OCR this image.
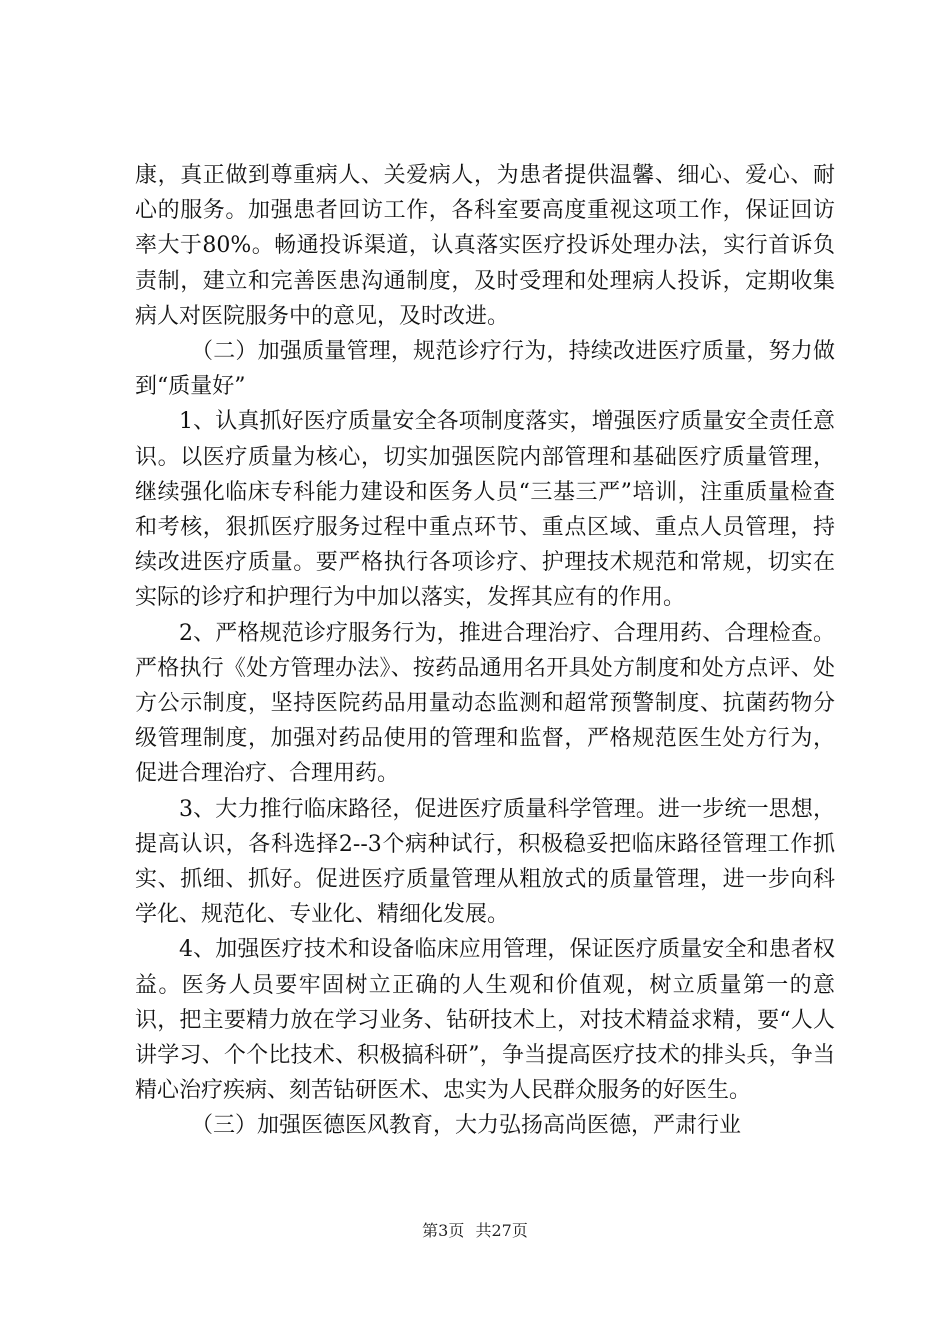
康，真正做到尊重病人、关爱病人，为患者提供温馨、细心、爱心、耐心的服务。加强患者回访工作，各科室要高度重视这项工作，保证回访率大于80%。畅通投诉渠道，认真落实医疗投诉处理办法，实行首诉负责制，建立和完善医患沟通制度，及时受理和处理病人投诉，定期收集病人对医院服务中的意见，及时改进。

（二）加强质量管理，规范诊疗行为，持续改进医疗质量，努力做到“质量好”

1、认真抓好医疗质量安全各项制度落实，增强医疗质量安全责任意识。以医疗质量为核心，切实加强医院内部管理和基础医疗质量管理，继续强化临床专科能力建设和医务人员“三基三严”培训，注重质量检查和考核，狠抓医疗服务过程中重点环节、重点区域、重点人员管理，持续改进医疗质量。要严格执行各项诊疗、护理技术规范和常规，切实在实际的诊疗和护理行为中加以落实，发挥其应有的作用。

2、严格规范诊疗服务行为，推进合理治疗、合理用药、合理检查。严格执行《处方管理办法》、按药品通用名开具处方制度和处方点评、处方公示制度，坚持医院药品用量动态监测和超常预警制度、抗菌药物分级管理制度，加强对药品使用的管理和监督，严格规范医生处方行为，促进合理治疗、合理用药。

3、大力推行临床路径，促进医疗质量科学管理。进一步统一思想，提高认识，各科选择2--3个病种试行，积极稳妥把临床路径管理工作抓实、抓细、抓好。促进医疗质量管理从粗放式的质量管理，进一步向科学化、规范化、专业化、精细化发展。

4、加强医疗技术和设备临床应用管理，保证医疗质量安全和患者权益。医务人员要牢固树立正确的人生观和价值观，树立质量第一的意识，把主要精力放在学习业务、钻研技术上，对技术精益求精，要“人人讲学习、个个比技术、积极搞科研”，争当提高医疗技术的排头兵，争当精心治疗疾病、刻苦钻研医术、忠实为人民群众服务的好医生。

（三）加强医德医风教育，大力弘扬高尚医德，严肃行业

第3页 共27页
